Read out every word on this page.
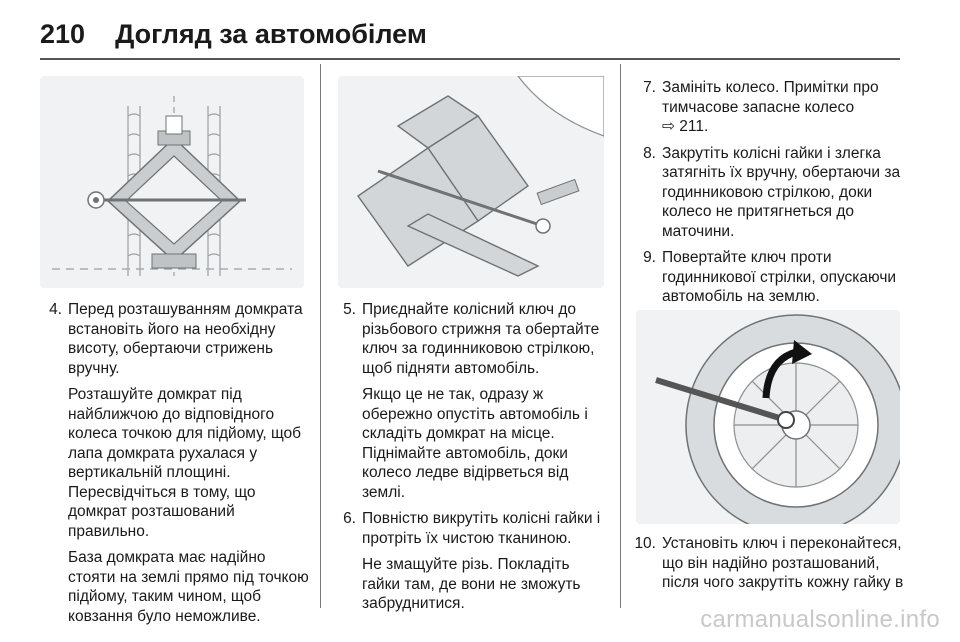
210 Догляд за автомобілем
4. Перед розташуванням домкрата встановіть його на необхідну висоту, обертаючи стрижень вручну.
Розташуйте домкрат під найближчою до відповідного колеса точкою для підйому, щоб лапа домкрата рухалася у вертикальній площині. Пересвідчіться в тому, що домкрат розташований правильно.
База домкрата має надійно стояти на землі прямо під точкою підйому, таким чином, щоб ковзання було неможливе.
5. Приєднайте колісний ключ до різьбового стрижня та обертайте ключ за годинниковою стрілкою, щоб підняти автомобіль.
Якщо це не так, одразу ж обережно опустіть автомобіль і складіть домкрат на місце. Піднімайте автомобіль, доки колесо ледве відірветься від землі.
6. Повністю викрутіть колісні гайки і протріть їх чистою тканиною.
Не змащуйте різь. Покладіть гайки там, де вони не зможуть забруднитися.
7. Замініть колесо. Примітки про тимчасове запасне колесо
⇨ 211.
8. Закрутіть колісні гайки і злегка затягніть їх вручну, обертаючи за годинниковою стрілкою, доки колесо не притягнеться до маточини.
9. Повертайте ключ проти годинникової стрілки, опускаючи автомобіль на землю.
10. Установіть ключ і переконайтеся, що він надійно розташований, після чого закрутіть кожну гайку в
carmanualsonline.info
